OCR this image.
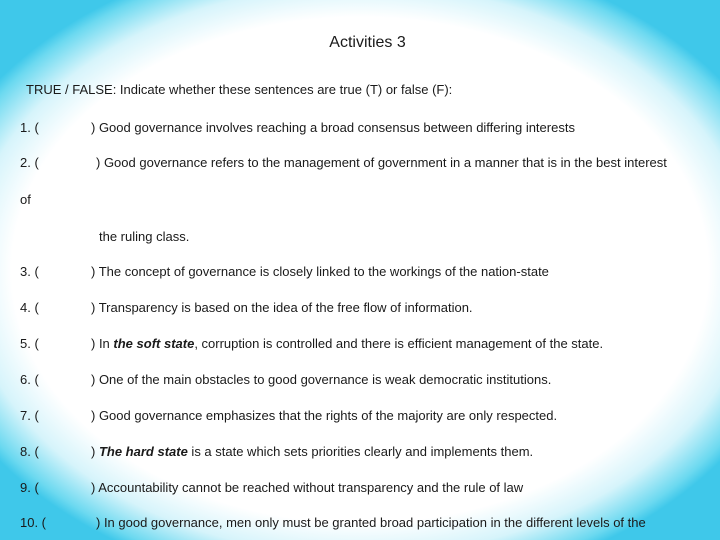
Activities 3
TRUE / FALSE: Indicate whether these sentences are true (T) or false (F):
1. (	) Good governance involves reaching a broad consensus between differing interests
2. (	) Good governance refers to the management of government in a manner that is in the best interest
of
the ruling class.
3. (	) The concept of governance is closely linked to the workings of the nation-state
4. (	) Transparency is based on the idea of the free flow of information.
5. (	) In the soft state, corruption is controlled and there is efficient management of the state.
6. (	) One of the main obstacles to good governance is weak democratic institutions.
7. (	) Good governance emphasizes that the rights of the majority are only respected.
8. (	) The hard state is a state which sets priorities clearly and implements them.
9. (	) Accountability cannot be reached without transparency and the rule of law
10. (	) In good governance, men only must be granted broad participation in the different levels of the
